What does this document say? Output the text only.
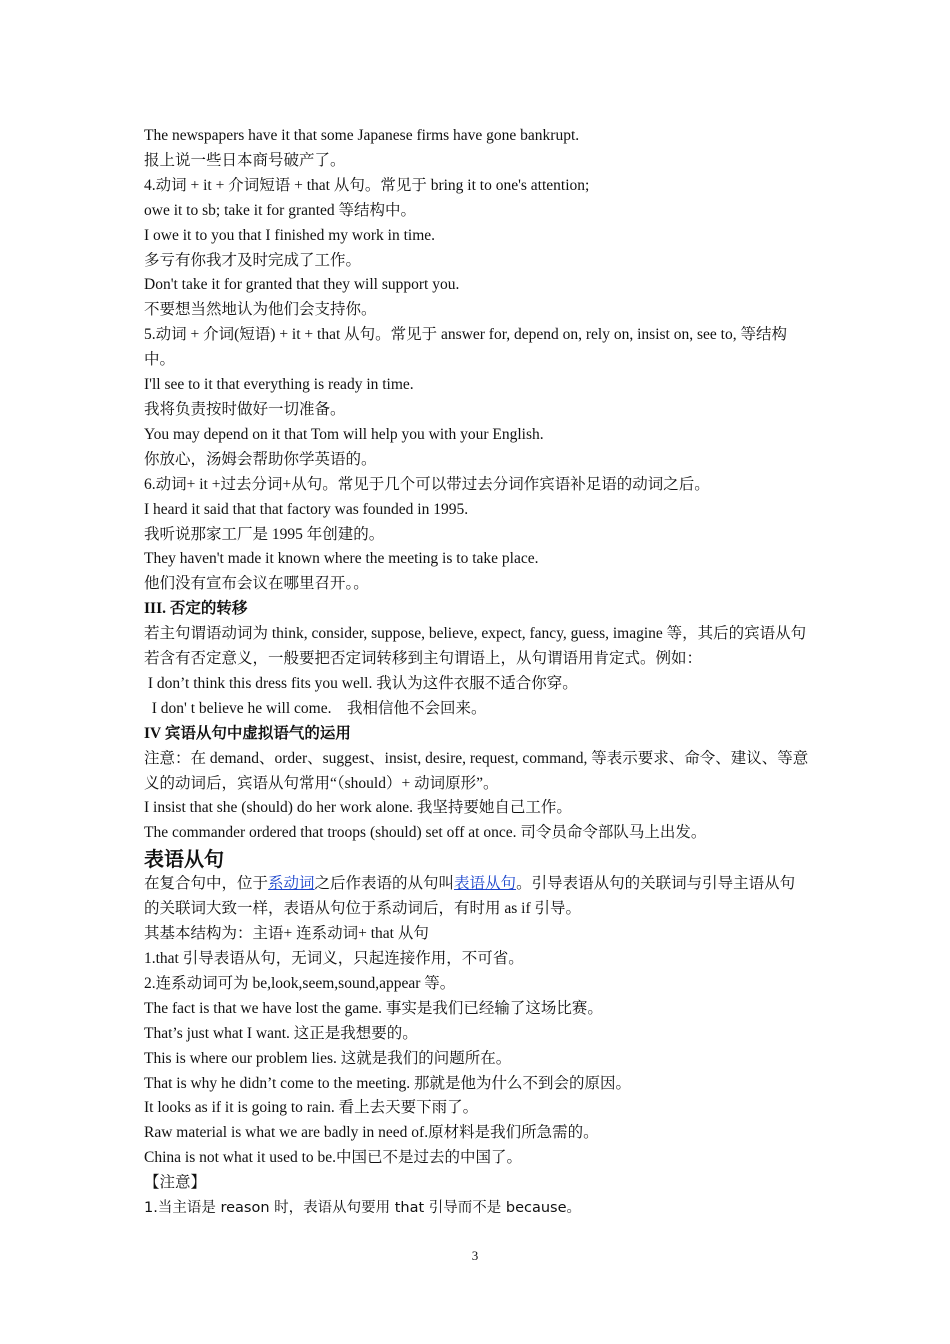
The newspapers have it that some Japanese firms have gone bankrupt.
报上说一些日本商号破产了。
4.动词 + it + 介词短语 + that 从句。常见于 bring it to one's attention;
owe it to sb; take it for granted 等结构中。
I owe it to you that I finished my work in time.
多亏有你我才及时完成了工作。
Don't take it for granted that they will support you.
不要想当然地认为他们会支持你。
5.动词 + 介词(短语) + it + that 从句。常见于 answer for, depend on, rely on, insist on, see to, 等结构中。
I'll see to it that everything is ready in time.
我将负责按时做好一切准备。
You may depend on it that Tom will help you with your English.
你放心，汤姆会帮助你学英语的。
6.动词+ it +过去分词+从句。常见于几个可以带过去分词作宾语补足语的动词之后。
I heard it said that that factory was founded in 1995.
我听说那家工厂是 1995 年创建的。
They haven't made it known where the meeting is to take place.
他们没有宣布会议在哪里召开。。
III. 否定的转移
若主句谓语动词为 think, consider, suppose, believe, expect, fancy, guess, imagine 等，其后的宾语从句若含有否定意义，一般要把否定词转移到主句谓语上，从句谓语用肯定式。例如：
I don’t think this dress fits you well. 我认为这件衣服不适合你穿。
I don' t believe he will come.    我相信他不会回来。
IV 宾语从句中虚拟语气的运用
注意：在 demand、order、suggest、insist, desire, request, command, 等表示要求、命令、建议、等意义的动词后，宾语从句常用“（should）+ 动词原形”。
I insist that she (should) do her work alone. 我坚持要她自己工作。
The commander ordered that troops (should) set off at once. 司令员命令部队马上出发。
表语从句
在复合句中，位于系动词之后作表语的从句叫表语从句。引导表语从句的关联词与引导主语从句的关联词大致一样，表语从句位于系动词后，有时用 as if 引导。
其基本结构为：主语+ 连系动词+ that 从句
1.that 引导表语从句，无词义，只起连接作用，不可省。
2.连系动词可为 be,look,seem,sound,appear 等。
The fact is that we have lost the game. 事实是我们已经输了这场比赛。
That’s just what I want. 这正是我想要的。
This is where our problem lies. 这就是我们的问题所在。
That is why he didn’t come to the meeting. 那就是他为什么不到会的原因。
It looks as if it is going to rain. 看上去天要下雨了。
Raw material is what we are badly in need of.原材料是我们所急需的。
China is not what it used to be.中国已不是过去的中国了。
【注意】
1.当主语是 reason 时，表语从句要用 that 引导而不是 because。
3
